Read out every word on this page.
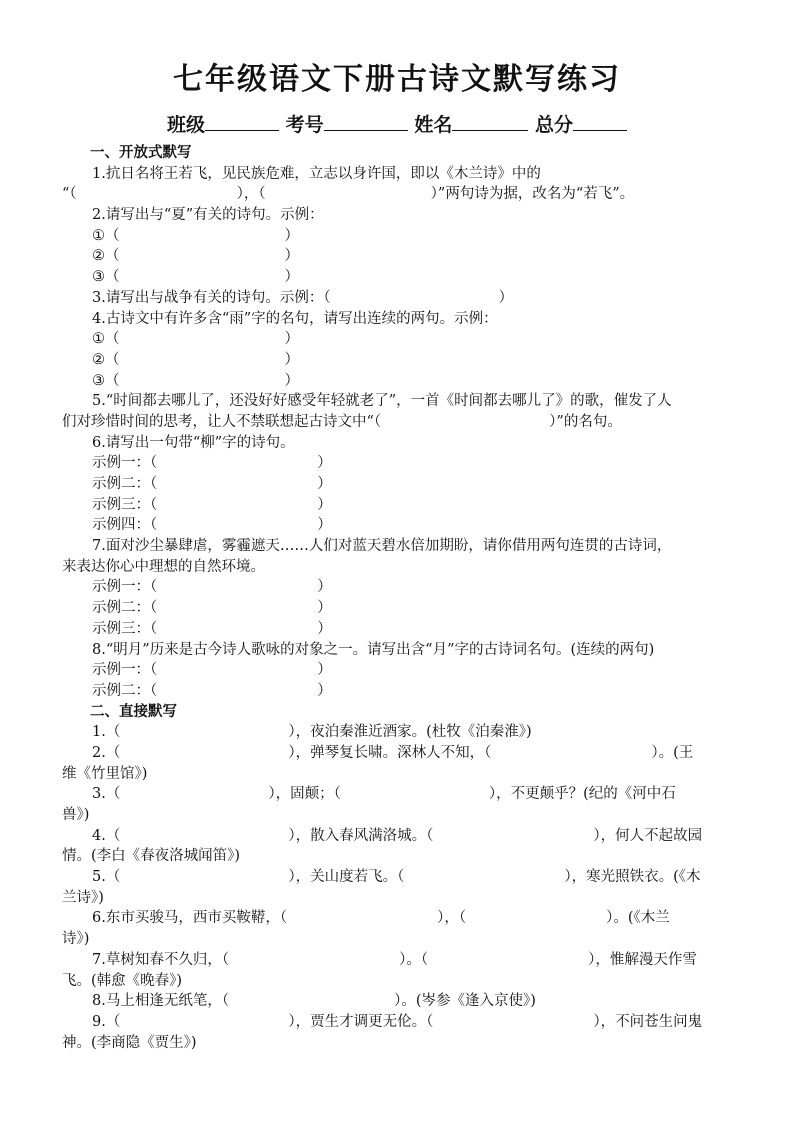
七年级语文下册古诗文默写练习
班级	考号	姓名	总分
一、开放式默写
1.抗日名将王若飞，见民族危难，立志以身许国，即以《木兰诗》中的
“（	），（	）”两句诗为据，改名为“若飞”。
2.请写出与“夏”有关的诗句。示例：
①（	）
②（	）
③（	）
3.请写出与战争有关的诗句。示例：（	）
4.古诗文中有许多含“雨”字的名句，请写出连续的两句。示例：
①（	）
②（	）
③（	）
5.“时间都去哪儿了，还没好好感受年轻就老了”，一首《时间都去哪儿了》的歌，催发了人
们对珍惜时间的思考，让人不禁联想起古诗文中“（	）”的名句。
6.请写出一句带“柳”字的诗句。
示例一：（	）
示例二：（	）
示例三：（	）
示例四：（	）
7.面对沙尘暴肆虐，雾霾遮天……人们对蓝天碧水倍加期盼，请你借用两句连贯的古诗词，
来表达你心中理想的自然环境。
示例一：（	）
示例二：（	）
示例三：（	）
8.“明月”历来是古今诗人歌咏的对象之一。请写出含“月”字的古诗词名句。(连续的两句)
示例一：（	）
示例二：（	）
二、直接默写
1.（	），夜泊秦淮近酒家。(杜牧《泊秦淮》)
2.（	），弹琴复长啸。深林人不知，（	）。(王
维《竹里馆》)
3.（	），固颠；（	），不更颠乎？(纪的《河中石
兽》)
4.（	），散入春风满洛城。（	），何人不起故园
情。(李白《春夜洛城闻笛》)
5.（	），关山度若飞。（	），寒光照铁衣。(《木
兰诗》)
6.东市买骏马，西市买鞍鞯，（	），（	）。(《木兰
诗》)
7.草树知春不久归，（	）。（	），惟解漫天作雪
飞。(韩愈《晚春》)
8.马上相逢无纸笔，（	）。(岑参《逢入京使》)
9.（	），贾生才调更无伦。（	），不问苍生问鬼
神。(李商隐《贾生》)
